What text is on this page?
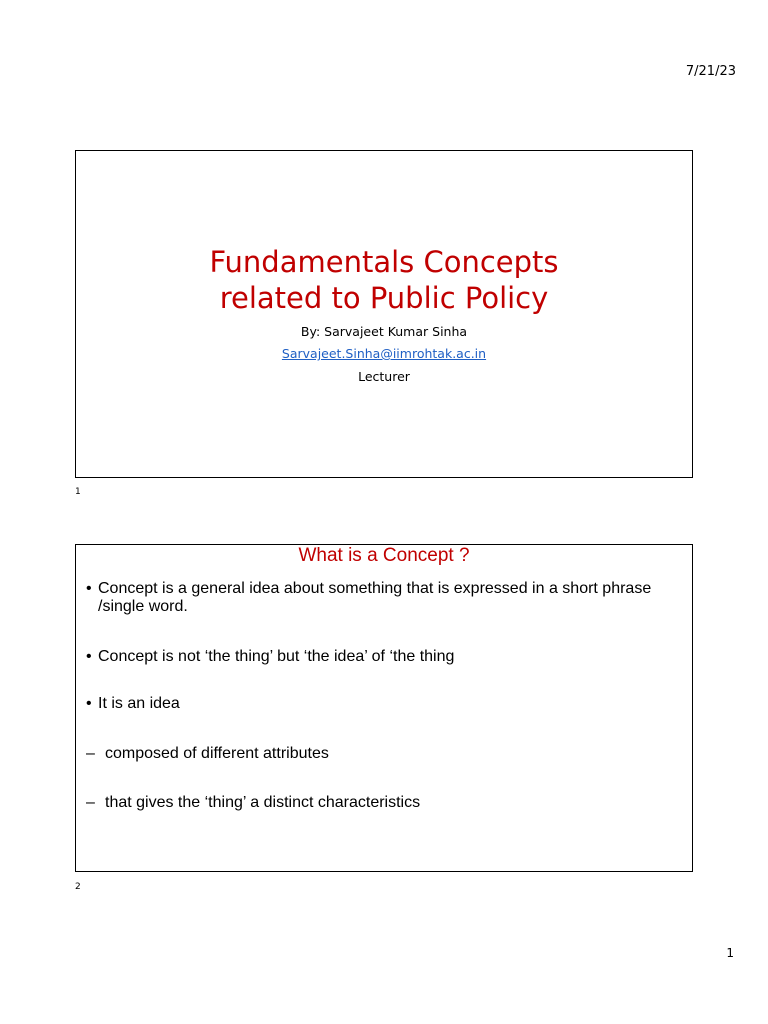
7/21/23
Fundamentals Concepts
related to Public Policy
By: Sarvajeet Kumar Sinha
Sarvajeet.Sinha@iimrohtak.ac.in
Lecturer
1
What is a Concept ?
• Concept is a general idea about something that is expressed in a short phrase /single word.
• Concept is not ‘the thing’ but ‘the idea’ of ‘the thing
• It is an idea
– composed of different attributes
– that gives the ‘thing’ a distinct characteristics
2
1
